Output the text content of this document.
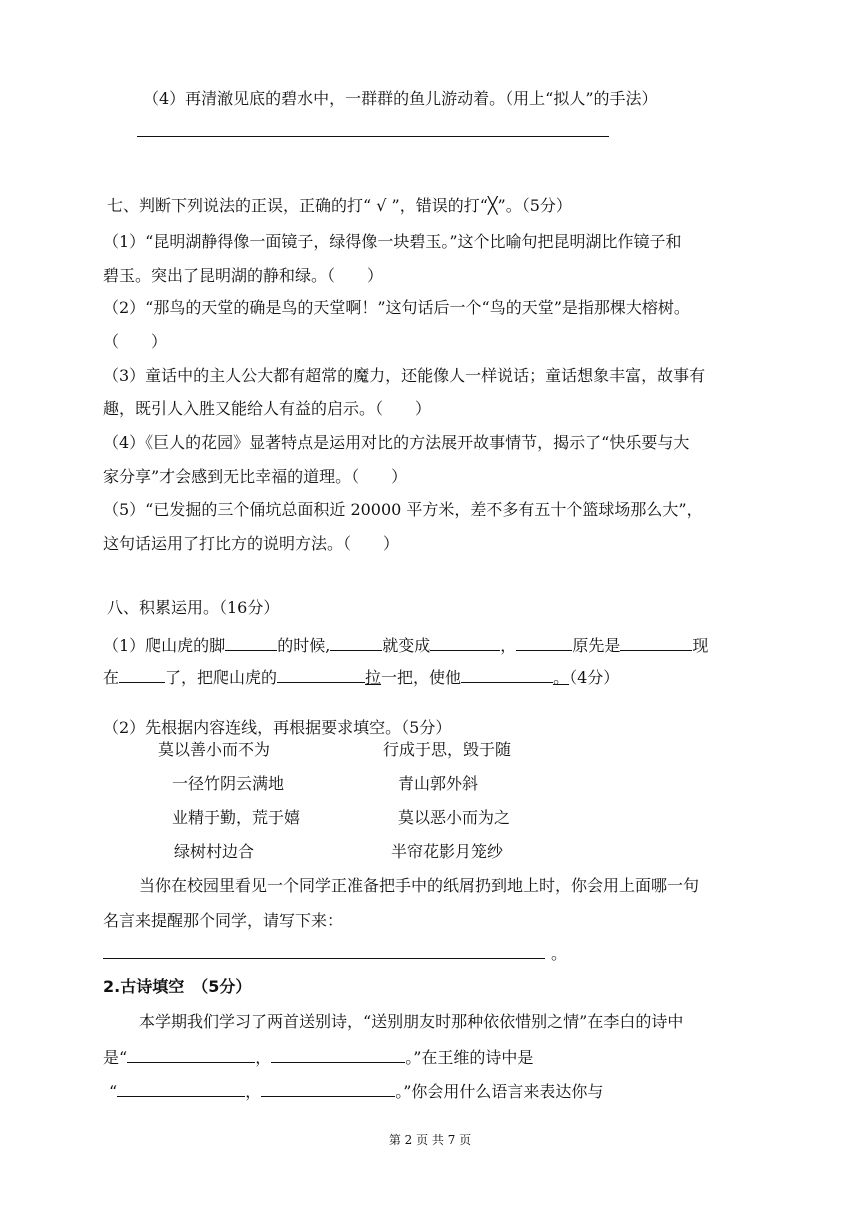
（4）再清澈见底的碧水中，一群群的鱼儿游动着。（用上“拟人”的手法）
七、判断下列说法的正误，正确的打“ √ ”，错误的打“╳”。（5分）
（1）“昆明湖静得像一面镜子，绿得像一块碧玉。”这个比喻句把昆明湖比作镜子和
碧玉。突出了昆明湖的静和绿。（　　）
（2）“那鸟的天堂的确是鸟的天堂啊！”这句话后一个“鸟的天堂”是指那棵大榕树。
（　　）
（3）童话中的主人公大都有超常的魔力，还能像人一样说话；童话想象丰富，故事有
趣，既引人入胜又能给人有益的启示。（　　）
（4）《巨人的花园》显著特点是运用对比的方法展开故事情节，揭示了“快乐要与大
家分享”才会感到无比幸福的道理。（　　）
（5）“已发掘的三个俑坑总面积近 20000 平方米，差不多有五十个篮球场那么大”，
这句话运用了打比方的说明方法。（　　）
八、积累运用。（16分）
（1）爬山虎的脚	的时候,	就变成	，	原先是	现
在	了，把爬山虎的	拉一把，使他	。（4分）
（2）先根据内容连线，再根据要求填空。（5分）
莫以善小而不为	行成于思，毁于随
一径竹阴云满地	青山郭外斜
业精于勤，荒于嬉	莫以恶小而为之
绿树村边合	半帘花影月笼纱
当你在校园里看见一个同学正准备把手中的纸屑扔到地上时，你会用上面哪一句
名言来提醒那个同学，请写下来：
。
2.古诗填空　（5分）
本学期我们学习了两首送别诗，“送别朋友时那种依依惜别之情”在李白的诗中
是“	，	。”在王维的诗中是
“	，	。”你会用什么语言来表达你与
第 2 页 共 7 页
